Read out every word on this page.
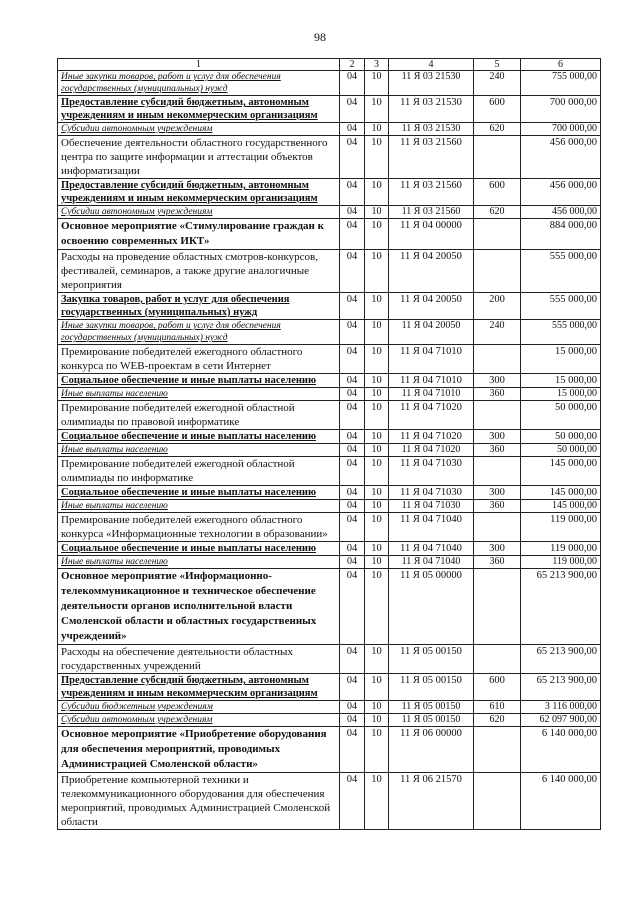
98
1	2	3	4	5	6
Иные закупки товаров, работ и услуг для обеспечения государственных (муниципальных) нужд	04	10	11 Я 03 21530	240	755 000,00
Предоставление субсидий бюджетным, автономным учреждениям и иным некоммерческим организациям	04	10	11 Я 03 21530	600	700 000,00
Субсидии автономным учреждениям	04	10	11 Я 03 21530	620	700 000,00
Обеспечение деятельности областного государственного центра по защите информации и аттестации объектов информатизации	04	10	11 Я 03 21560		456 000,00
Предоставление субсидий бюджетным, автономным учреждениям и иным некоммерческим организациям	04	10	11 Я 03 21560	600	456 000,00
Субсидии автономным учреждениям	04	10	11 Я 03 21560	620	456 000,00
Основное мероприятие «Стимулирование граждан к освоению современных ИКТ»	04	10	11 Я 04 00000		884 000,00
Расходы на проведение областных смотров-конкурсов, фестивалей, семинаров, а также другие аналогичные мероприятия	04	10	11 Я 04 20050		555 000,00
Закупка товаров, работ и услуг для обеспечения государственных (муниципальных) нужд	04	10	11 Я 04 20050	200	555 000,00
Иные закупки товаров, работ и услуг для обеспечения государственных (муниципальных) нужд	04	10	11 Я 04 20050	240	555 000,00
Премирование победителей ежегодного областного конкурса по WEB-проектам в сети Интернет	04	10	11 Я 04 71010		15 000,00
Социальное обеспечение и иные выплаты населению	04	10	11 Я 04 71010	300	15 000,00
Иные выплаты населению	04	10	11 Я 04 71010	360	15 000,00
Премирование победителей ежегодной областной олимпиады по правовой информатике	04	10	11 Я 04 71020		50 000,00
Социальное обеспечение и иные выплаты населению	04	10	11 Я 04 71020	300	50 000,00
Иные выплаты населению	04	10	11 Я 04 71020	360	50 000,00
Премирование победителей ежегодной областной олимпиады по информатике	04	10	11 Я 04 71030		145 000,00
Социальное обеспечение и иные выплаты населению	04	10	11 Я 04 71030	300	145 000,00
Иные выплаты населению	04	10	11 Я 04 71030	360	145 000,00
Премирование победителей ежегодного областного конкурса «Информационные технологии в образовании»	04	10	11 Я 04 71040		119 000,00
Социальное обеспечение и иные выплаты населению	04	10	11 Я 04 71040	300	119 000,00
Иные выплаты населению	04	10	11 Я 04 71040	360	119 000,00
Основное мероприятие «Информационно-телекоммуникационное и техническое обеспечение деятельности органов исполнительной власти Смоленской области и областных государственных учреждений»	04	10	11 Я 05 00000		65 213 900,00
Расходы на обеспечение деятельности областных государственных учреждений	04	10	11 Я 05 00150		65 213 900,00
Предоставление субсидий бюджетным, автономным учреждениям и иным некоммерческим организациям	04	10	11 Я 05 00150	600	65 213 900,00
Субсидии бюджетным учреждениям	04	10	11 Я 05 00150	610	3 116 000,00
Субсидии автономным учреждениям	04	10	11 Я 05 00150	620	62 097 900,00
Основное мероприятие «Приобретение оборудования для обеспечения мероприятий, проводимых Администрацией Смоленской области»	04	10	11 Я 06 00000		6 140 000,00
Приобретение компьютерной техники и телекоммуникационного оборудования для обеспечения мероприятий, проводимых Администрацией Смоленской области	04	10	11 Я 06 21570		6 140 000,00
